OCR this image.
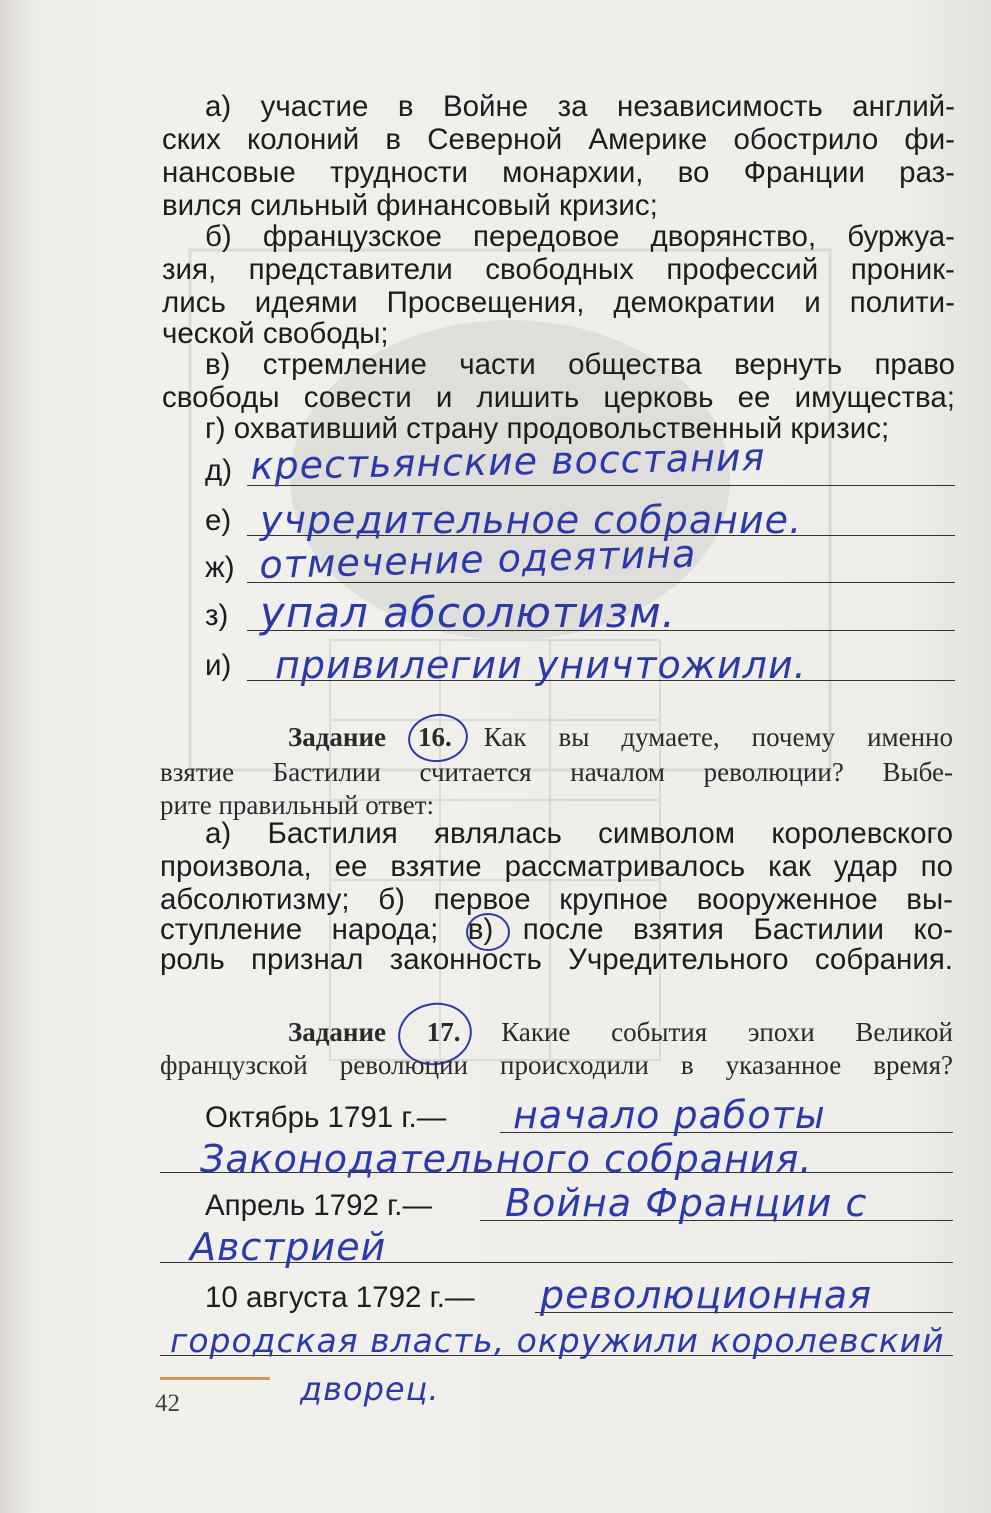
а) участие в Войне за независимость англий-
ских колоний в Северной Америке обострило фи-
нансовые трудности монархии, во Франции раз-
вился сильный финансовый кризис;
б) французское передовое дворянство, буржуа-
зия, представители свободных профессий проник-
лись идеями Просвещения, демократии и полити-
ческой свободы;
в) стремление части общества вернуть право
свободы совести и лишить церковь ее имущества;
г) охвативший страну продовольственный кризис;
д) крестьянские восстания
е) учредительное собрание.
ж) отмечение одеятина
з) упал абсолютизм.
и) привилегии уничтожили.
Задание 16. Как вы думаете, почему именно
взятие Бастилии считается началом революции? Выбе-
рите правильный ответ:
а) Бастилия являлась символом королевского
произвола, ее взятие рассматривалось как удар по
абсолютизму; б) первое крупное вооруженное вы-
ступление народа; в) после взятия Бастилии ко-
роль признал законность Учредительного собрания.
Задание 17. Какие события эпохи Великой
французской революции происходили в указанное время?
Октябрь 1791 г.— начало работы
Законодательного собрания.
Апрель 1792 г.— Война Франции с
Австрией
10 августа 1792 г.— революционная
городская власть, окружили королевский
дворец.
42
